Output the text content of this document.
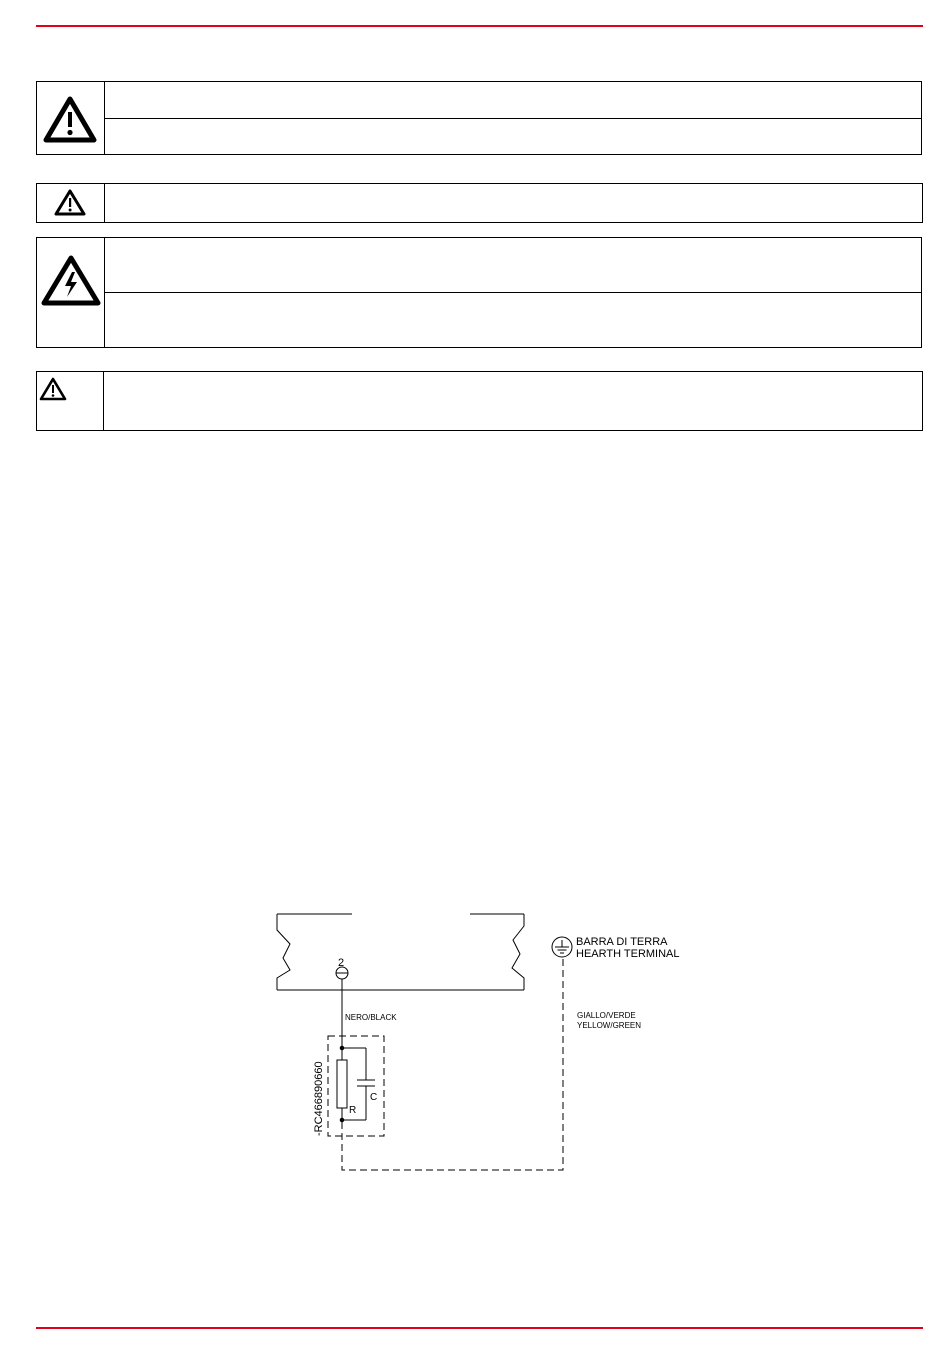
2
NERO/BLACK
-RC466890660 R
C
BARRA DI TERRA
HEARTH TERMINAL
GIALLO/VERDE
YELLOW/GREEN
